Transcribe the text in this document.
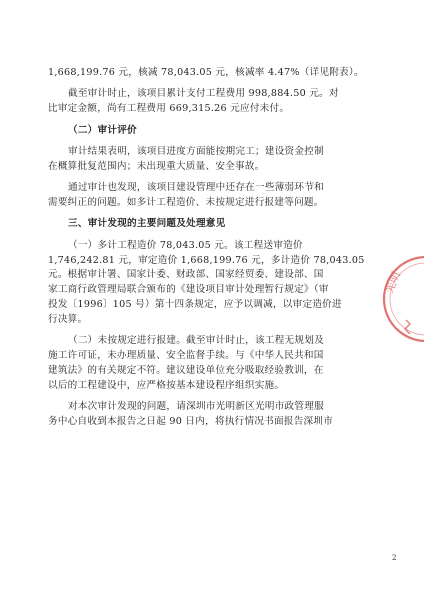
1,668,199.76 元，核减 78,043.05 元，核减率 4.47%（详见附表）。
截至审计时止，该项目累计支付工程费用 998,884.50 元。对
比审定金额，尚有工程费用 669,315.26 元应付未付。
（二）审计评价
审计结果表明，该项目进度方面能按期完工；建设资金控制
在概算批复范围内；未出现重大质量、安全事故。
通过审计也发现，该项目建设管理中还存在一些薄弱环节和
需要纠正的问题。如多计工程造价、未按规定进行报建等问题。
三、审计发现的主要问题及处理意见
（一）多计工程造价 78,043.05 元。该工程送审造价
1,746,242.81 元，审定造价 1,668,199.76 元，多计造价 78,043.05
元。根据审计署、国家计委、财政部、国家经贸委、建设部、国
家工商行政管理局联合颁布的《建设项目审计处理暂行规定》（审
投发〔1996〕105 号）第十四条规定，应予以调减，以审定造价进
行决算。
（二）未按规定进行报建。截至审计时止，该工程无规划及
施工许可证，未办理质量、安全监督手续。与《中华人民共和国
建筑法》的有关规定不符。建议建设单位充分吸取经验教训，在
以后的工程建设中，应严格按基本建设程序组织实施。
对本次审计发现的问题，请深圳市光明新区光明市政管理服
务中心自收到本报告之日起 90 日内，将执行情况书面报告深圳市
光明
2
